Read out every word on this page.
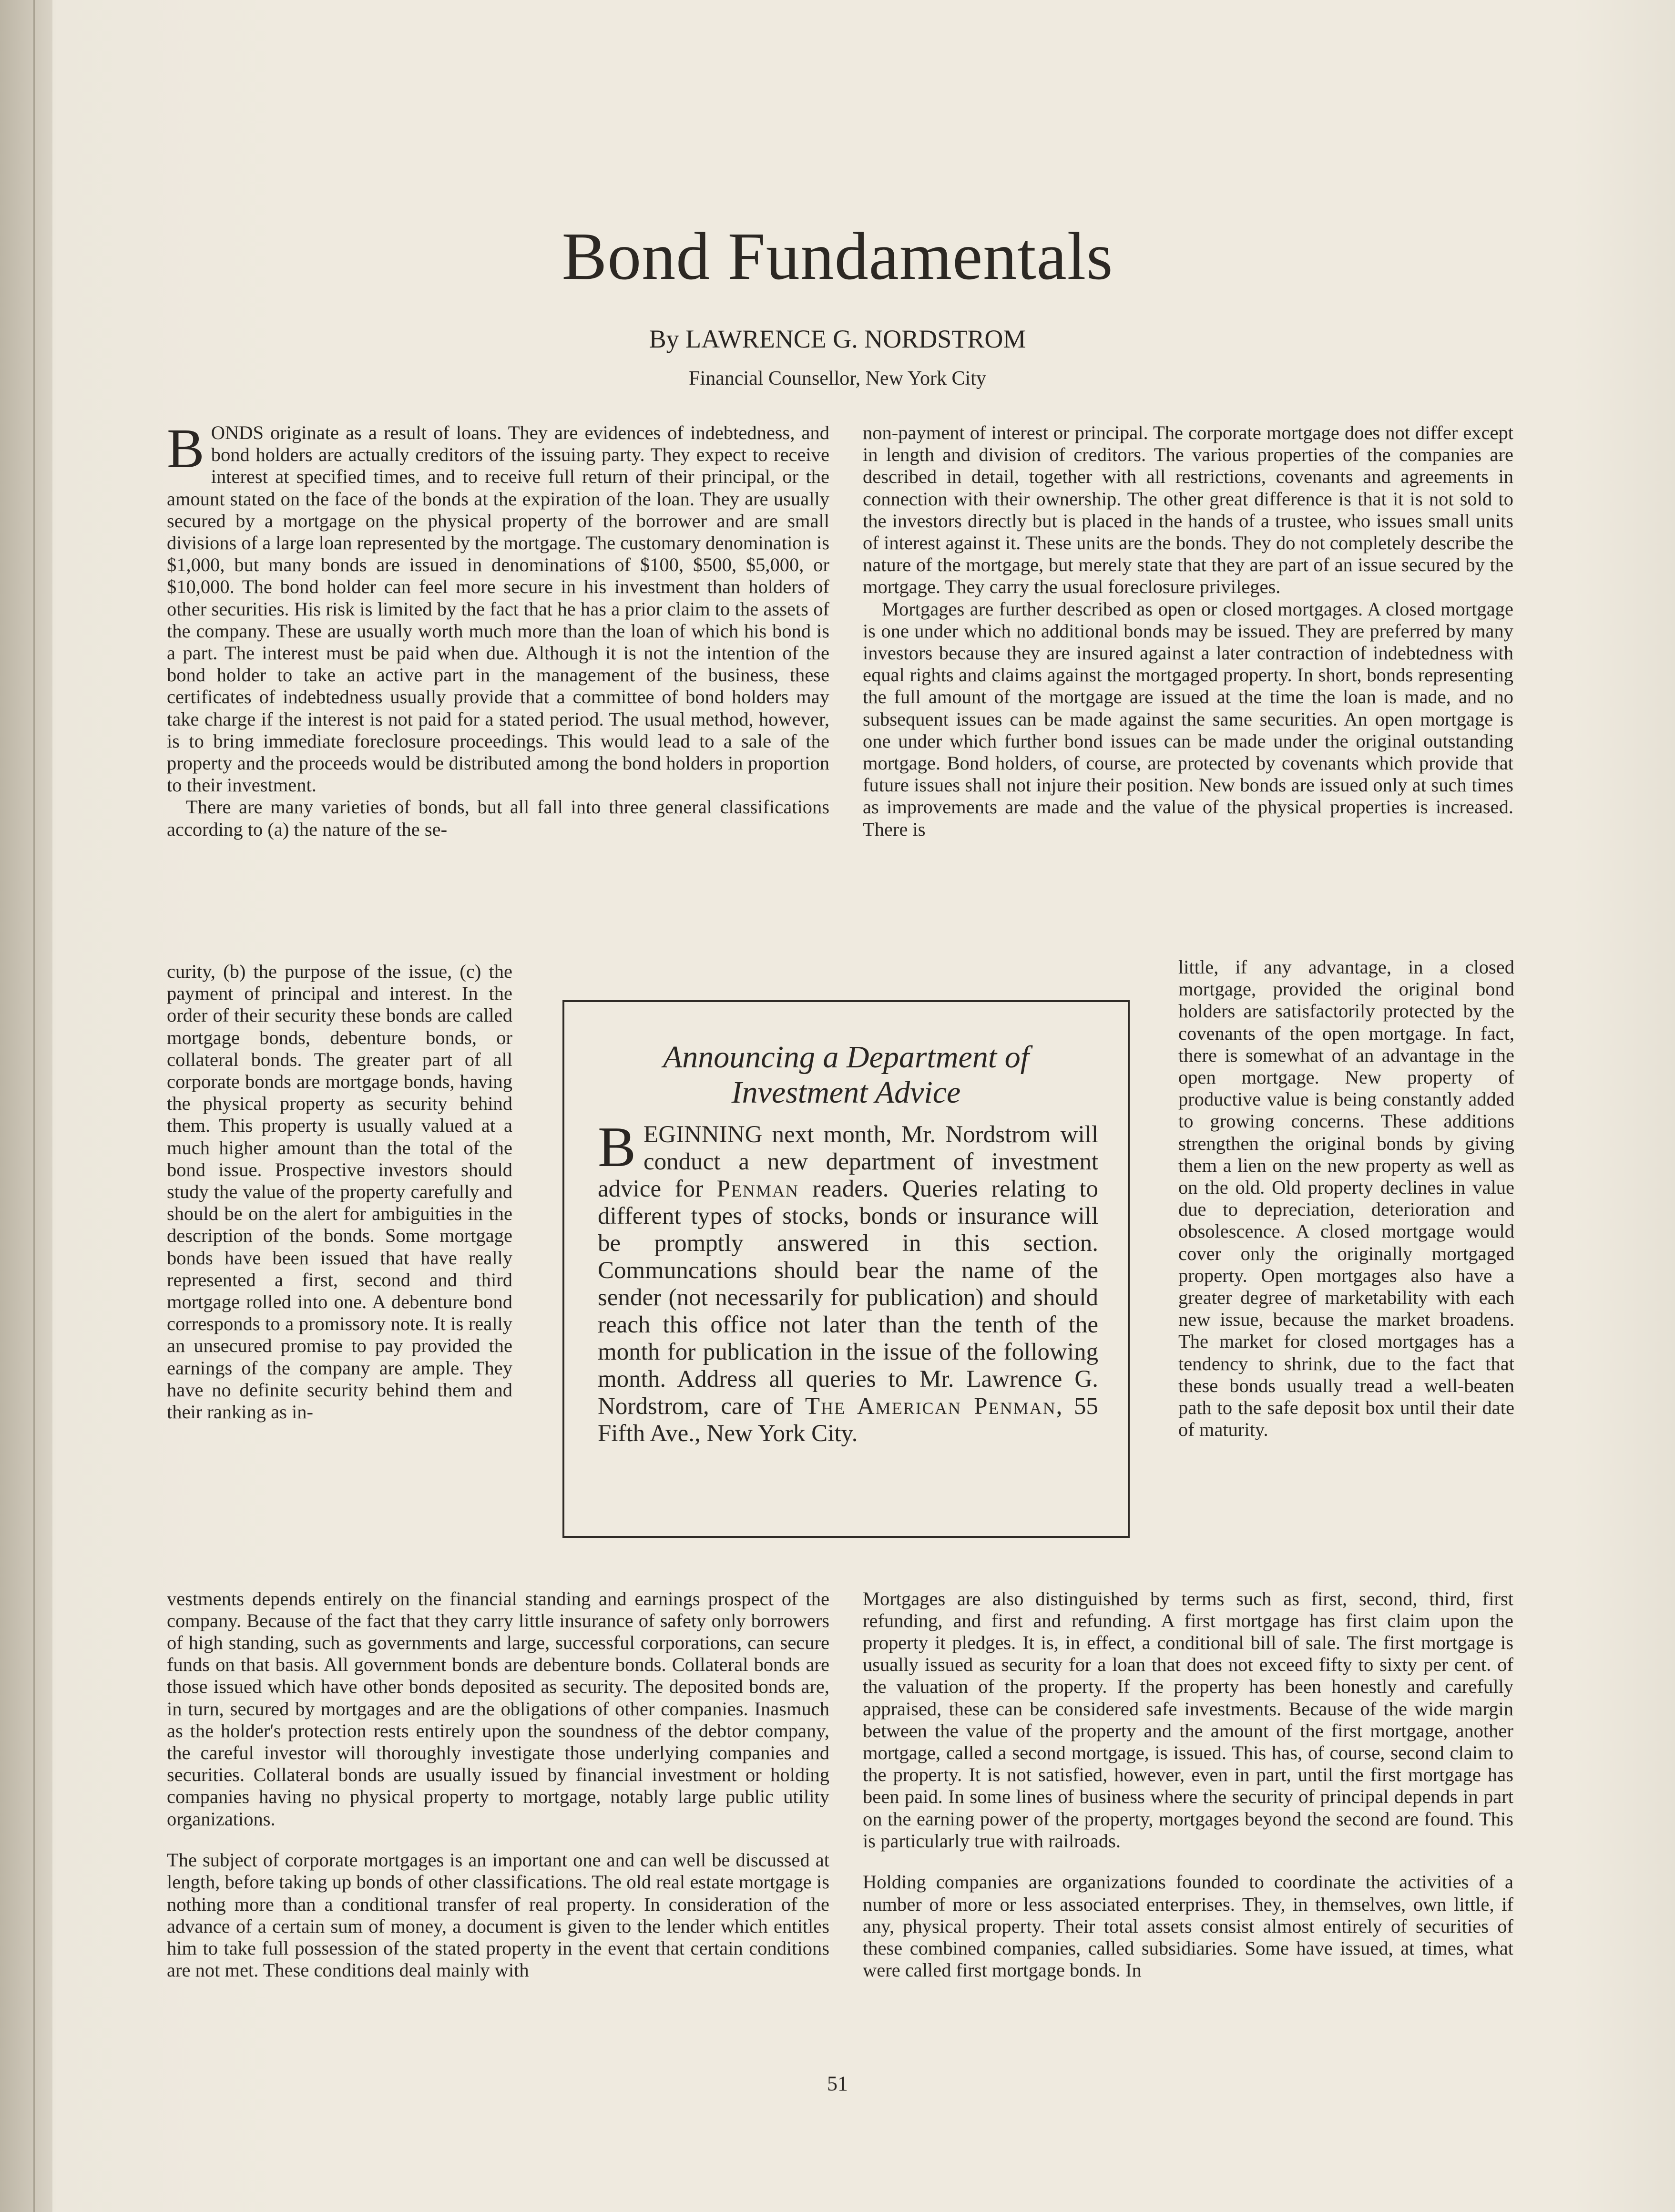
Bond Fundamentals
By LAWRENCE G. NORDSTROM
Financial Counsellor, New York City

BONDS originate as a result of loans. They are evidences of indebtedness, and bond holders are actually creditors of the issuing party. They expect to receive interest at specified times, and to receive full return of their principal, or the amount stated on the face of the bonds at the expiration of the loan. They are usually secured by a mortgage on the physical property of the borrower and are small divisions of a large loan represented by the mortgage. The customary denomination is $1,000, but many bonds are issued in denominations of $100, $500, $5,000, or $10,000. The bond holder can feel more secure in his investment than holders of other securities. His risk is limited by the fact that he has a prior claim to the assets of the company. These are usually worth much more than the loan of which his bond is a part. The interest must be paid when due. Although it is not the intention of the bond holder to take an active part in the management of the business, these certificates of indebtedness usually provide that a committee of bond holders may take charge if the interest is not paid for a stated period. The usual method, however, is to bring immediate foreclosure proceedings. This would lead to a sale of the property and the proceeds would be distributed among the bond holders in proportion to their investment.

There are many varieties of bonds, but all fall into three general classifications according to (a) the nature of the se-

curity, (b) the purpose of the issue, (c) the payment of principal and interest. In the order of their security these bonds are called mortgage bonds, debenture bonds, or collateral bonds. The greater part of all corporate bonds are mortgage bonds, having the physical property as security behind them. This property is usually valued at a much higher amount than the total of the bond issue. Prospective investors should study the value of the property carefully and should be on the alert for ambiguities in the description of the bonds. Some mortgage bonds have been issued that have really represented a first, second and third mortgage rolled into one. A debenture bond corresponds to a promissory note. It is really an unsecured promise to pay provided the earnings of the company are ample. They have no definite security behind them and their ranking as in-

vestments depends entirely on the financial standing and earnings prospect of the company. Because of the fact that they carry little insurance of safety only borrowers of high standing, such as governments and large, successful corporations, can secure funds on that basis. All government bonds are debenture bonds. Collateral bonds are those issued which have other bonds deposited as security. The deposited bonds are, in turn, secured by mortgages and are the obligations of other companies. Inasmuch as the holder's protection rests entirely upon the soundness of the debtor company, the careful investor will thoroughly investigate those underlying companies and securities. Collateral bonds are usually issued by financial investment or holding companies having no physical property to mortgage, notably large public utility organizations.

The subject of corporate mortgages is an important one and can well be discussed at length, before taking up bonds of other classifications. The old real estate mortgage is nothing more than a conditional transfer of real property. In consideration of the advance of a certain sum of money, a document is given to the lender which entitles him to take full possession of the stated property in the event that certain conditions are not met. These conditions deal mainly with

non-payment of interest or principal. The corporate mortgage does not differ except in length and division of creditors. The various properties of the companies are described in detail, together with all restrictions, covenants and agreements in connection with their ownership. The other great difference is that it is not sold to the investors directly but is placed in the hands of a trustee, who issues small units of interest against it. These units are the bonds. They do not completely describe the nature of the mortgage, but merely state that they are part of an issue secured by the mortgage. They carry the usual foreclosure privileges.

Mortgages are further described as open or closed mortgages. A closed mortgage is one under which no additional bonds may be issued. They are preferred by many investors because they are insured against a later contraction of indebtedness with equal rights and claims against the mortgaged property. In short, bonds representing the full amount of the mortgage are issued at the time the loan is made, and no subsequent issues can be made against the same securities. An open mortgage is one under which further bond issues can be made under the original outstanding mortgage. Bond holders, of course, are protected by covenants which provide that future issues shall not injure their position. New bonds are issued only at such times as improvements are made and the value of the physical properties is increased. There is

little, if any advantage, in a closed mortgage, provided the original bond holders are satisfactorily protected by the covenants of the open mortgage. In fact, there is somewhat of an advantage in the open mortgage. New property of productive value is being constantly added to growing concerns. These additions strengthen the original bonds by giving them a lien on the new property as well as on the old. Old property declines in value due to depreciation, deterioration and obsolescence. A closed mortgage would cover only the originally mortgaged property. Open mortgages also have a greater degree of marketability with each new issue, because the market broadens. The market for closed mortgages has a tendency to shrink, due to the fact that these bonds usually tread a well-beaten path to the safe deposit box until their date of maturity.

Mortgages are also distinguished by terms such as first, second, third, first refunding, and first and refunding. A first mortgage has first claim upon the property it pledges. It is, in effect, a conditional bill of sale. The first mortgage is usually issued as security for a loan that does not exceed fifty to sixty per cent. of the valuation of the property. If the property has been honestly and carefully appraised, these can be considered safe investments. Because of the wide margin between the value of the property and the amount of the first mortgage, another mortgage, called a second mortgage, is issued. This has, of course, second claim to the property. It is not satisfied, however, even in part, until the first mortgage has been paid. In some lines of business where the security of principal depends in part on the earning power of the property, mortgages beyond the second are found. This is particularly true with railroads.

Holding companies are organizations founded to coordinate the activities of a number of more or less associated enterprises. They, in themselves, own little, if any, physical property. Their total assets consist almost entirely of securities of these combined companies, called subsidiaries. Some have issued, at times, what were called first mortgage bonds. In

Announcing a Department of
Investment Advice
BEGINNING next month, Mr. Nordstrom will conduct a new department of investment advice for Penman readers. Queries relating to different types of stocks, bonds or insurance will be promptly answered in this section. Communcations should bear the name of the sender (not necessarily for publication) and should reach this office not later than the tenth of the month for publication in the issue of the following month. Address all queries to Mr. Lawrence G. Nordstrom, care of The American Penman, 55 Fifth Ave., New York City.
51
